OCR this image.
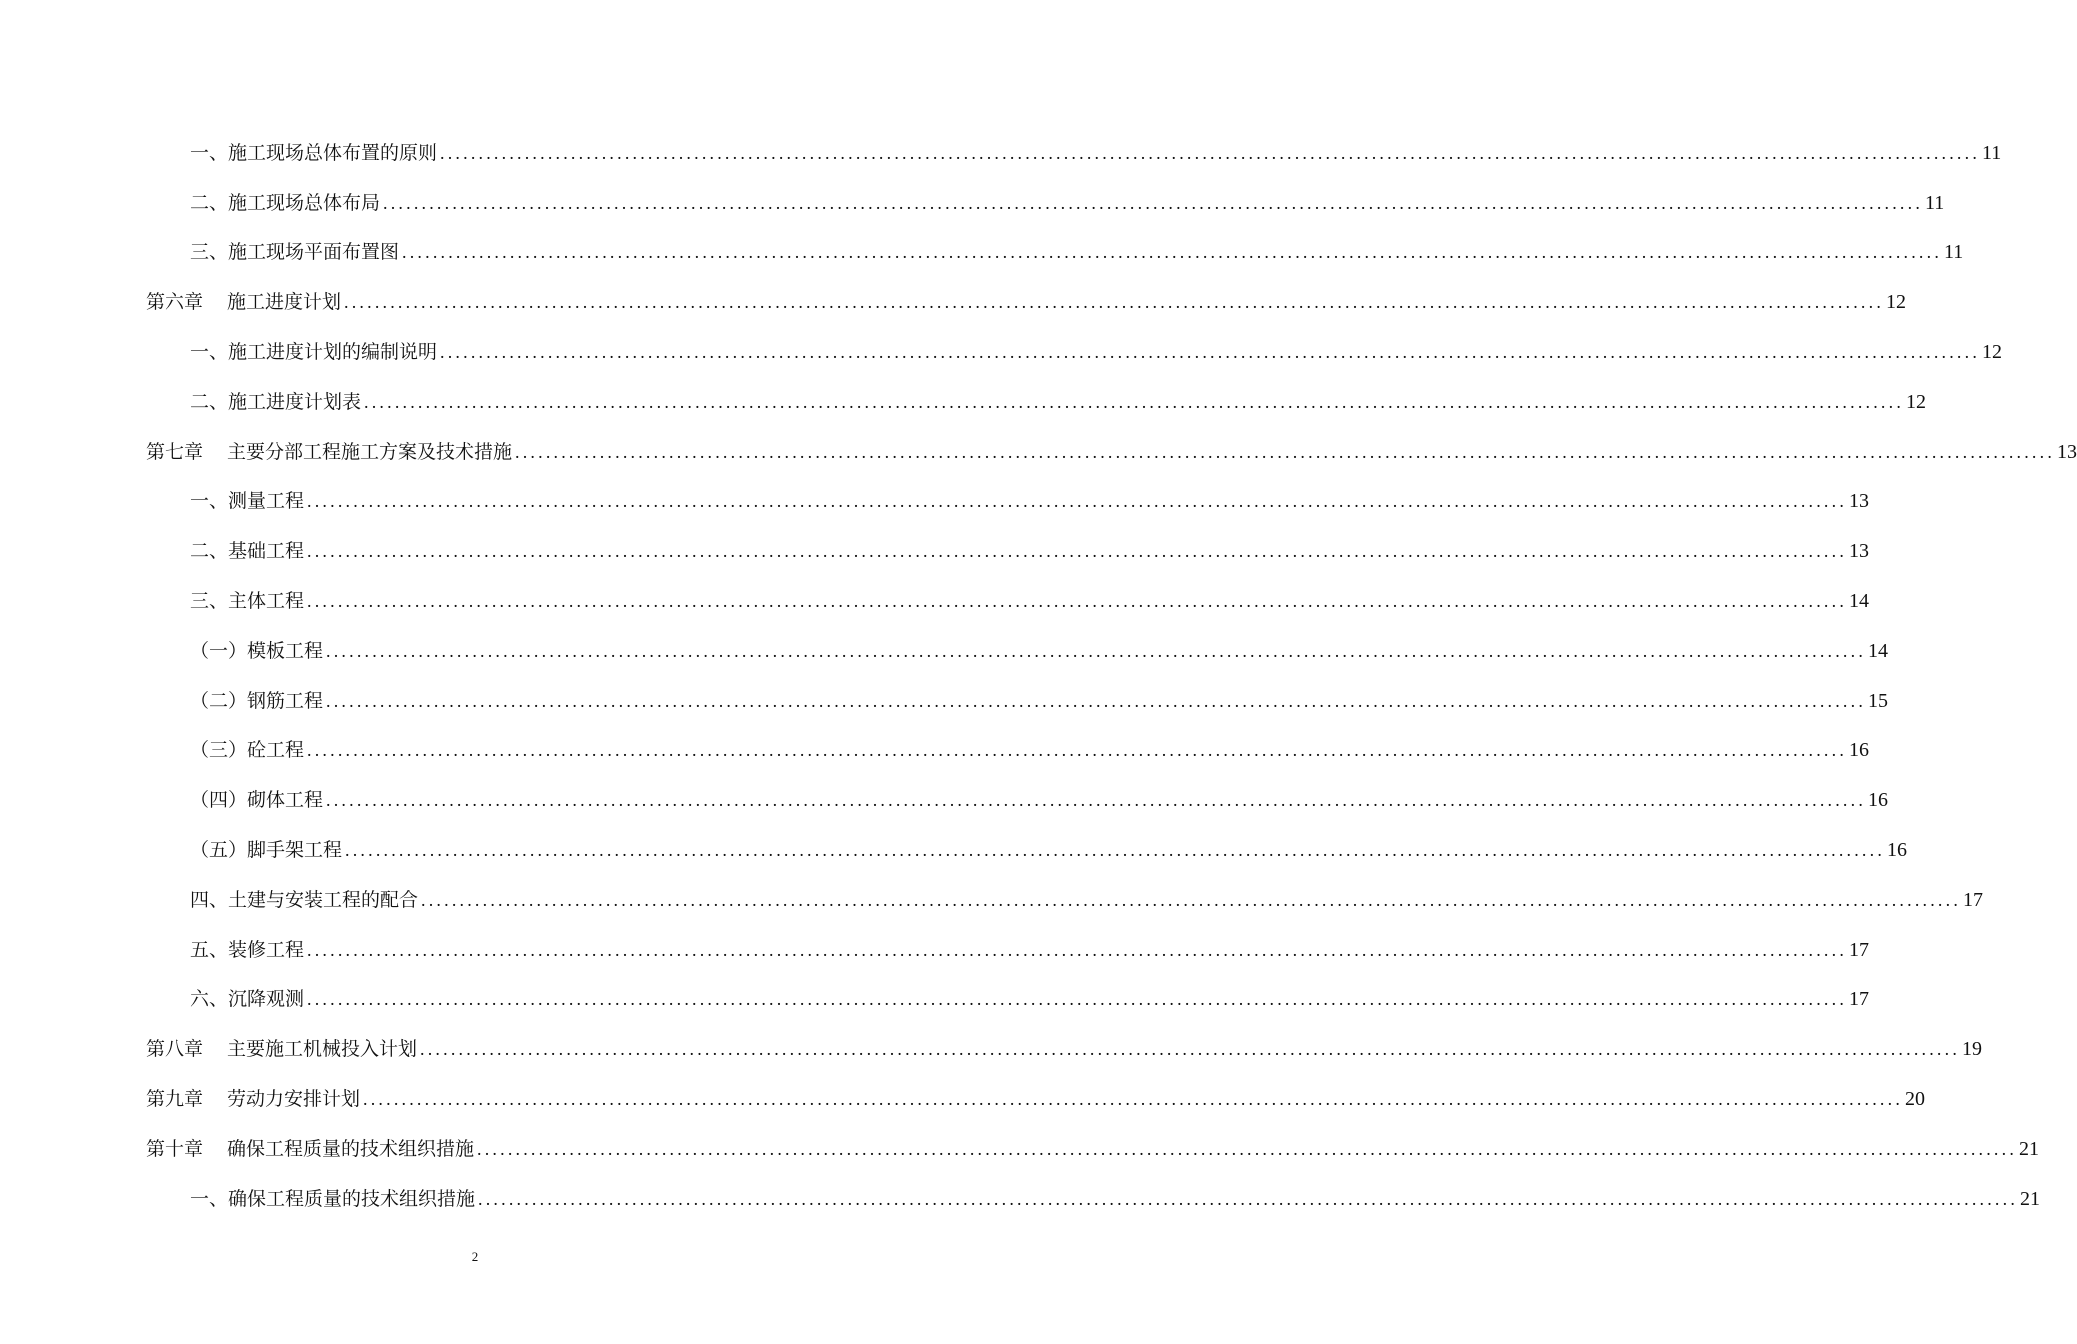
一、 施工现场总体布置的原则 ........................................................................................................................................................................................................ 11
二、 施工现场总体布局 ........................................................................................................................................................................................................ 11
三、 施工现场平面布置图 ........................................................................................................................................................................................................ 11
第六章 施工进度计划 ........................................................................................................................................................................................................ 12
一、 施工进度计划的编制说明 ........................................................................................................................................................................................................ 12
二、 施工进度计划表 ........................................................................................................................................................................................................ 12
第七章 主要分部工程施工方案及技术措施 ........................................................................................................................................................................................................ 13
一、 测量工程 ........................................................................................................................................................................................................ 13
二、 基础工程 ........................................................................................................................................................................................................ 13
三、 主体工程 ........................................................................................................................................................................................................ 14
（一） 模板工程 ........................................................................................................................................................................................................ 14
（二） 钢筋工程 ........................................................................................................................................................................................................ 15
（三） 砼工程 ........................................................................................................................................................................................................ 16
（四） 砌体工程 ........................................................................................................................................................................................................ 16
（五） 脚手架工程 ........................................................................................................................................................................................................ 16
四、 土建与安装工程的配合 ........................................................................................................................................................................................................ 17
五、 装修工程 ........................................................................................................................................................................................................ 17
六、 沉降观测 ........................................................................................................................................................................................................ 17
第八章 主要施工机械投入计划 ........................................................................................................................................................................................................ 19
第九章 劳动力安排计划 ........................................................................................................................................................................................................ 20
第十章 确保工程质量的技术组织措施 ........................................................................................................................................................................................................ 21
一、 确保工程质量的技术组织措施 ........................................................................................................................................................................................................ 21
2
